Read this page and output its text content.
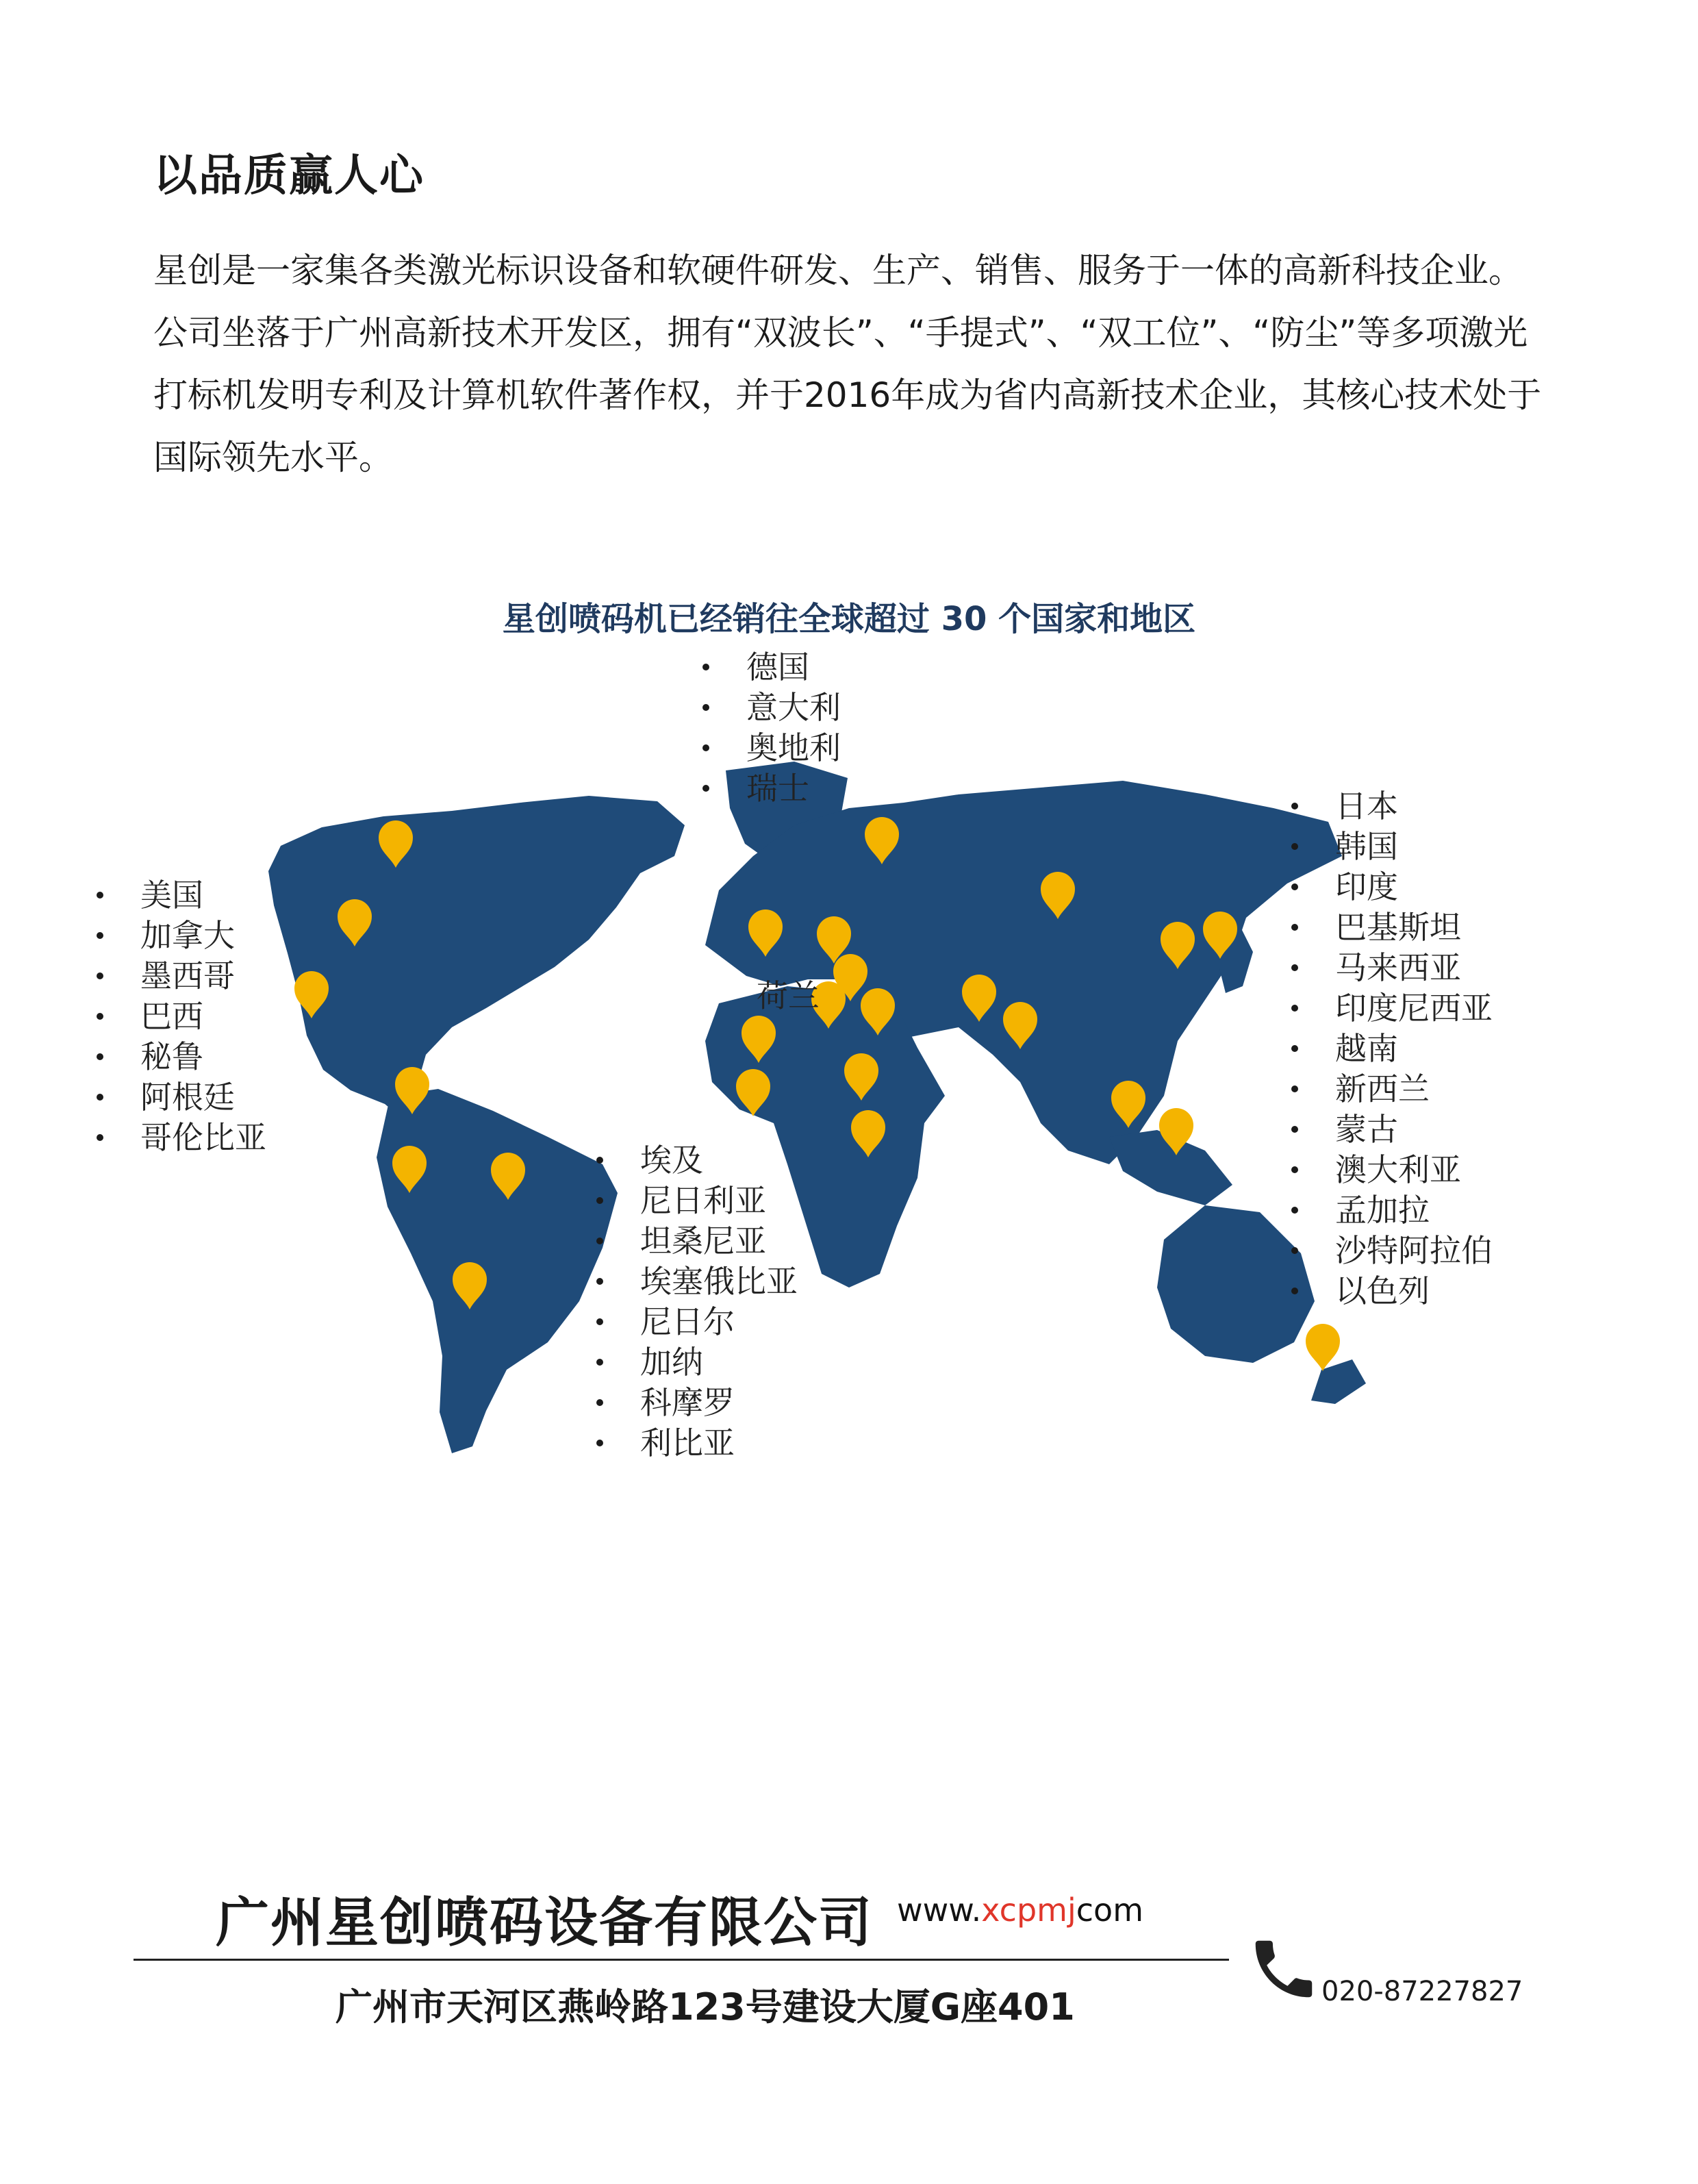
以品质赢人心

星创是一家集各类激光标识设备和软硬件研发、生产、销售、服务于一体的高新科技企业。公司坐落于广州高新技术开发区，拥有“双波长”、“手提式”、“双工位”、“防尘”等多项激光打标机发明专利及计算机软件著作权，并于2016年成为省内高新技术企业，其核心技术处于国际领先水平。

星创喷码机已经销往全球超过 30 个国家和地区
美国
加拿大
墨西哥
巴西
秘鲁
阿根廷
哥伦比亚
德国
意大利
奥地利
瑞士
荷兰
埃及
尼日利亚
坦桑尼亚
埃塞俄比亚
尼日尔
加纳
科摩罗
利比亚
日本
韩国
印度
巴基斯坦
马来西亚
印度尼西亚
越南
新西兰
蒙古
澳大利亚
孟加拉
沙特阿拉伯
以色列
广州星创喷码设备有限公司 www.xcpmjcom
广州市天河区燕岭路123号建设大厦G座401	020-87227827
